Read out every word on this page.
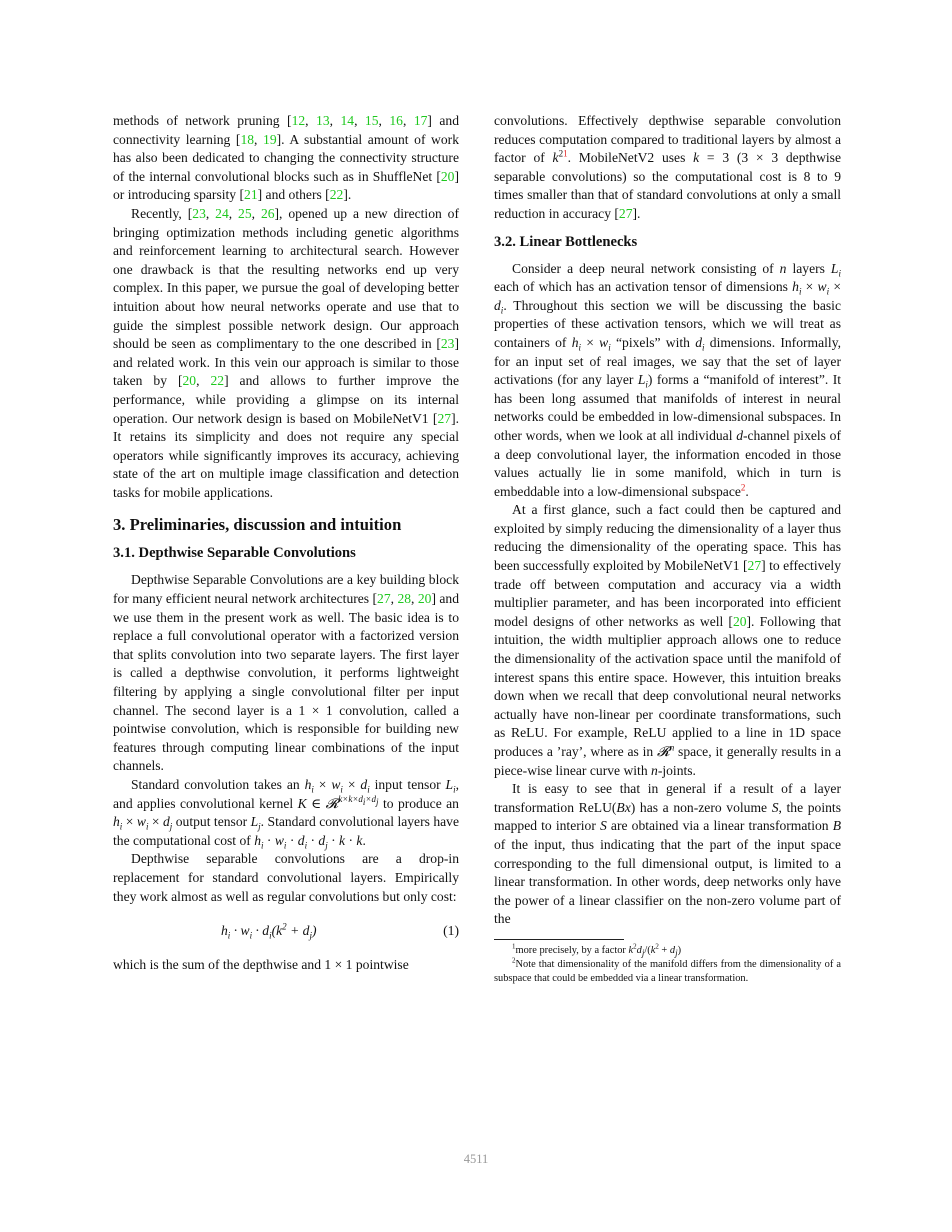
methods of network pruning [12, 13, 14, 15, 16, 17] and connectivity learning [18, 19]. A substantial amount of work has also been dedicated to changing the connectivity structure of the internal convolutional blocks such as in ShuffleNet [20] or introducing sparsity [21] and others [22].

Recently, [23, 24, 25, 26], opened up a new direction of bringing optimization methods including genetic algorithms and reinforcement learning to architectural search. However one drawback is that the resulting networks end up very complex. In this paper, we pursue the goal of developing better intuition about how neural networks operate and use that to guide the simplest possible network design. Our approach should be seen as complimentary to the one described in [23] and related work. In this vein our approach is similar to those taken by [20, 22] and allows to further improve the performance, while providing a glimpse on its internal operation. Our network design is based on MobileNetV1 [27]. It retains its simplicity and does not require any special operators while significantly improves its accuracy, achieving state of the art on multiple image classification and detection tasks for mobile applications.

3. Preliminaries, discussion and intuition
3.1. Depthwise Separable Convolutions

Depthwise Separable Convolutions are a key building block for many efficient neural network architectures [27, 28, 20] and we use them in the present work as well. The basic idea is to replace a full convolutional operator with a factorized version that splits convolution into two separate layers. The first layer is called a depthwise convolution, it performs lightweight filtering by applying a single convolutional filter per input channel. The second layer is a 1 × 1 convolution, called a pointwise convolution, which is responsible for building new features through computing linear combinations of the input channels.

Standard convolution takes an $h_i \times w_i \times d_i$ input tensor $L_i$, and applies convolutional kernel K ∈ 𝓡$^{k\times k\times d_i\times d_j}$ to produce an $h_i \times w_i \times d_j$ output tensor $L_j$. Standard convolutional layers have the computational cost of $h_i \cdot w_i \cdot d_i \cdot d_j \cdot k \cdot k$.

Depthwise separable convolutions are a drop-in replacement for standard convolutional layers. Empirically they work almost as well as regular convolutions but only cost:

$h_i \cdot w_i \cdot d_i(k^2 + d_j)$	(1)

which is the sum of the depthwise and 1 × 1 pointwise

convolutions. Effectively depthwise separable convolution reduces computation compared to traditional layers by almost a factor of k$^{21}$. MobileNetV2 uses k = 3 (3 × 3 depthwise separable convolutions) so the computational cost is 8 to 9 times smaller than that of standard convolutions at only a small reduction in accuracy [27].

3.2. Linear Bottlenecks

Consider a deep neural network consisting of n layers $L_i$ each of which has an activation tensor of dimensions $h_i \times w_i \times d_i$. Throughout this section we will be discussing the basic properties of these activation tensors, which we will treat as containers of $h_i \times w_i$ “pixels” with $d_i$ dimensions. Informally, for an input set of real images, we say that the set of layer activations (for any layer $L_i$) forms a “manifold of interest”. It has been long assumed that manifolds of interest in neural networks could be embedded in low-dimensional subspaces. In other words, when we look at all individual d-channel pixels of a deep convolutional layer, the information encoded in those values actually lie in some manifold, which in turn is embeddable into a low-dimensional subspace$^2$.

At a first glance, such a fact could then be captured and exploited by simply reducing the dimensionality of a layer thus reducing the dimensionality of the operating space. This has been successfully exploited by MobileNetV1 [27] to effectively trade off between computation and accuracy via a width multiplier parameter, and has been incorporated into efficient model designs of other networks as well [20]. Following that intuition, the width multiplier approach allows one to reduce the dimensionality of the activation space until the manifold of interest spans this entire space. However, this intuition breaks down when we recall that deep convolutional neural networks actually have non-linear per coordinate transformations, such as ReLU. For example, ReLU applied to a line in 1D space produces a ’ray’, where as in 𝓡$^n$ space, it generally results in a piece-wise linear curve with n-joints.

It is easy to see that in general if a result of a layer transformation ReLU(Bx) has a non-zero volume S, the points mapped to interior S are obtained via a linear transformation B of the input, thus indicating that the part of the input space corresponding to the full dimensional output, is limited to a linear transformation. In other words, deep networks only have the power of a linear classifier on the non-zero volume part of the

$^1$more precisely, by a factor $k^2d_j/(k^2 + d_j)$

$^2$Note that dimensionality of the manifold differs from the dimensionality of a subspace that could be embedded via a linear transformation.

4511
